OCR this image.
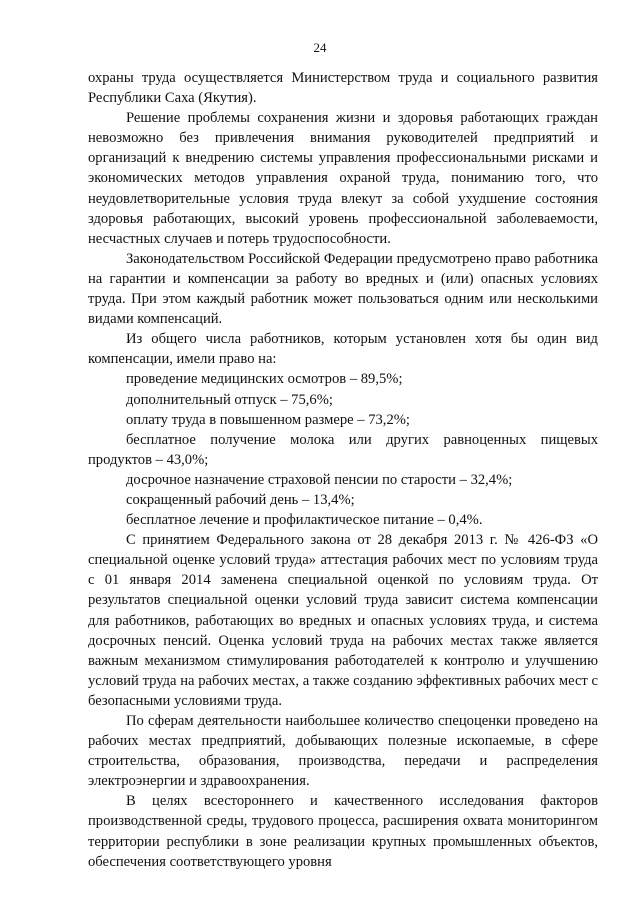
24

охраны труда осуществляется Министерством труда и социального развития Республики Саха (Якутия).

Решение проблемы сохранения жизни и здоровья работающих граждан невозможно без привлечения внимания руководителей предприятий и организаций к внедрению системы управления профессиональными рисками и экономических методов управления охраной труда, пониманию того, что неудовлетворительные условия труда влекут за собой ухудшение состояния здоровья работающих, высокий уровень профессиональной заболеваемости, несчастных случаев и потерь трудоспособности.

Законодательством Российской Федерации предусмотрено право работника на гарантии и компенсации за работу во вредных и (или) опасных условиях труда. При этом каждый работник может пользоваться одним или несколькими видами компенсаций.

Из общего числа работников, которым установлен хотя бы один вид компенсации, имели право на:

проведение медицинских осмотров – 89,5%;

дополнительный отпуск – 75,6%;

оплату труда в повышенном размере – 73,2%;

бесплатное получение молока или других равноценных пищевых продуктов – 43,0%;

досрочное назначение страховой пенсии по старости – 32,4%;

сокращенный рабочий день – 13,4%;

бесплатное лечение и профилактическое питание – 0,4%.

С принятием Федерального закона от 28 декабря 2013 г. № 426-ФЗ «О специальной оценке условий труда» аттестация рабочих мест по условиям труда с 01 января 2014 заменена специальной оценкой по условиям труда. От результатов специальной оценки условий труда зависит система компенсации для работников, работающих во вредных и опасных условиях труда, и система досрочных пенсий. Оценка условий труда на рабочих местах также является важным механизмом стимулирования работодателей к контролю и улучшению условий труда на рабочих местах, а также созданию эффективных рабочих мест с безопасными условиями труда.

По сферам деятельности наибольшее количество спецоценки проведено на рабочих местах предприятий, добывающих полезные ископаемые, в сфере строительства, образования, производства, передачи и распределения электроэнергии и здравоохранения.

В целях всестороннего и качественного исследования факторов производственной среды, трудового процесса, расширения охвата мониторингом территории республики в зоне реализации крупных промышленных объектов, обеспечения соответствующего уровня
